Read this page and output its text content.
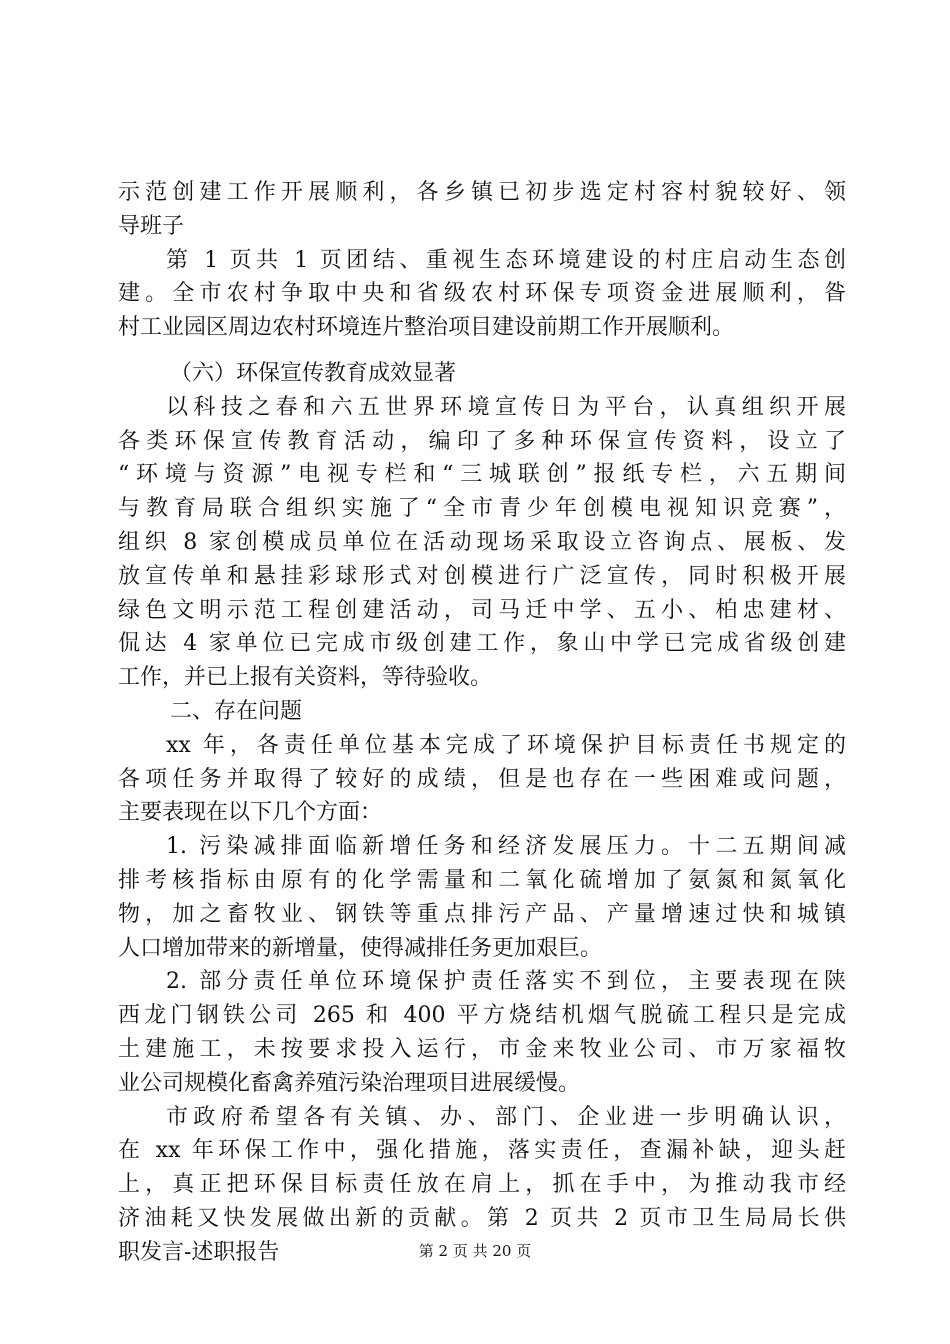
示范创建工作开展顺利，各乡镇已初步选定村容村貌较好、领
导班子
第 1 页共 1 页团结、重视生态环境建设的村庄启动生态创
建。全市农村争取中央和省级农村环保专项资金进展顺利，昝
村工业园区周边农村环境连片整治项目建设前期工作开展顺利。
（六）环保宣传教育成效显著
以科技之春和六五世界环境宣传日为平台，认真组织开展
各类环保宣传教育活动，编印了多种环保宣传资料，设立了
“环境与资源”电视专栏和“三城联创”报纸专栏，六五期间
与教育局联合组织实施了“全市青少年创模电视知识竞赛”，
组织 8 家创模成员单位在活动现场采取设立咨询点、展板、发
放宣传单和悬挂彩球形式对创模进行广泛宣传，同时积极开展
绿色文明示范工程创建活动，司马迁中学、五小、柏忠建材、
侃达 4 家单位已完成市级创建工作，象山中学已完成省级创建
工作，并已上报有关资料，等待验收。
二、存在问题
xx 年，各责任单位基本完成了环境保护目标责任书规定的
各项任务并取得了较好的成绩，但是也存在一些困难或问题，
主要表现在以下几个方面：
1. 污染减排面临新增任务和经济发展压力。十二五期间减
排考核指标由原有的化学需量和二氧化硫增加了氨氮和氮氧化
物，加之畜牧业、钢铁等重点排污产品、产量增速过快和城镇
人口增加带来的新增量，使得减排任务更加艰巨。
2. 部分责任单位环境保护责任落实不到位，主要表现在陕
西龙门钢铁公司 265 和 400 平方烧结机烟气脱硫工程只是完成
土建施工，未按要求投入运行，市金来牧业公司、市万家福牧
业公司规模化畜禽养殖污染治理项目进展缓慢。
市政府希望各有关镇、办、部门、企业进一步明确认识，
在 xx 年环保工作中，强化措施，落实责任，查漏补缺，迎头赶
上，真正把环保目标责任放在肩上，抓在手中，为推动我市经
济油耗又快发展做出新的贡献。第 2 页共 2 页市卫生局局长供
职发言-述职报告	第 2 页 共 20 页
